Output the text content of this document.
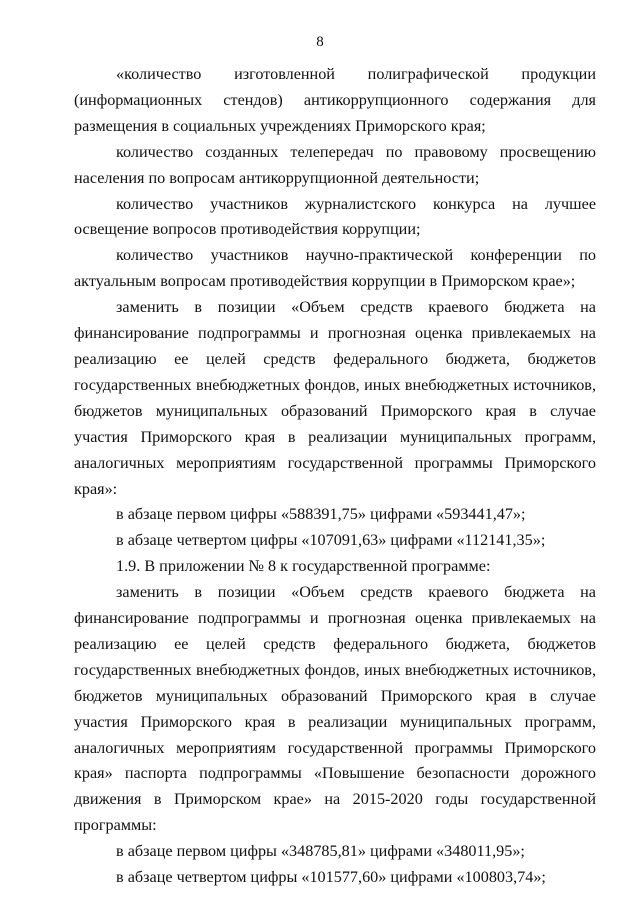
8

«количество изготовленной полиграфической продукции (информационных стендов) антикоррупционного содержания для размещения в социальных учреждениях Приморского края;

количество созданных телепередач по правовому просвещению населения по вопросам антикоррупционной деятельности;

количество участников журналистского конкурса на лучшее освещение вопросов противодействия коррупции;

количество участников научно-практической конференции по актуальным вопросам противодействия коррупции в Приморском крае»;

заменить в позиции «Объем средств краевого бюджета на финансирование подпрограммы и прогнозная оценка привлекаемых на реализацию ее целей средств федерального бюджета, бюджетов государственных внебюджетных фондов, иных внебюджетных источников, бюджетов муниципальных образований Приморского края в случае участия Приморского края в реализации муниципальных программ, аналогичных мероприятиям государственной программы Приморского края»:

в абзаце первом цифры «588391,75» цифрами «593441,47»;

в абзаце четвертом цифры «107091,63» цифрами «112141,35»;

1.9. В приложении № 8 к государственной программе:

заменить в позиции «Объем средств краевого бюджета на финансирование подпрограммы и прогнозная оценка привлекаемых на реализацию ее целей средств федерального бюджета, бюджетов государственных внебюджетных фондов, иных внебюджетных источников, бюджетов муниципальных образований Приморского края в случае участия Приморского края в реализации муниципальных программ, аналогичных мероприятиям государственной программы Приморского края» паспорта подпрограммы «Повышение безопасности дорожного движения в Приморском крае» на 2015-2020 годы государственной программы:

в абзаце первом цифры «348785,81» цифрами «348011,95»;

в абзаце четвертом цифры «101577,60» цифрами «100803,74»;
